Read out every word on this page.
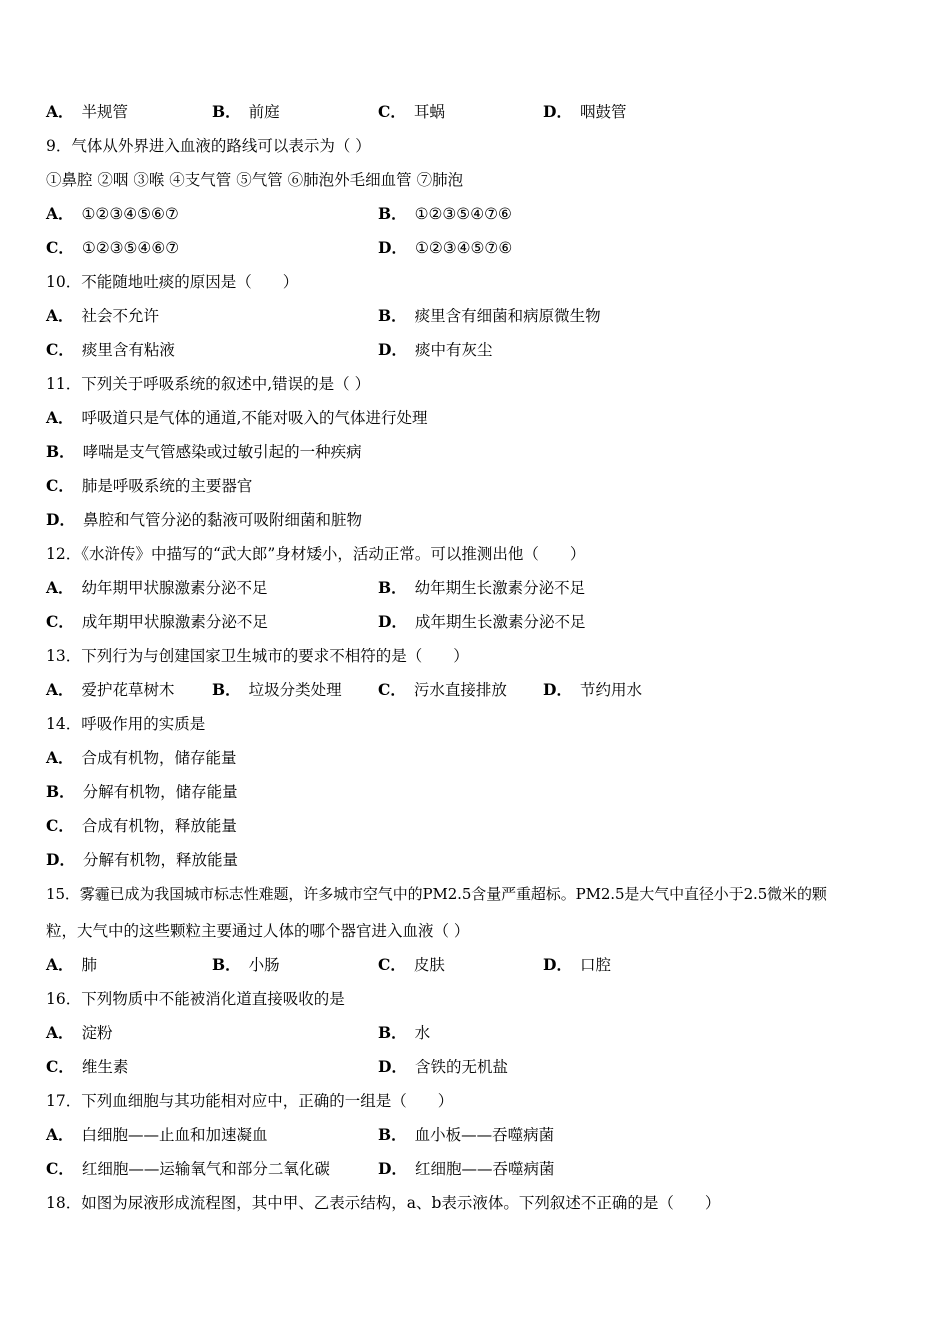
A． 半规管	B． 前庭	C． 耳蜗	D． 咽鼓管
9．气体从外界进入血液的路线可以表示为（ ）
①鼻腔 ②咽 ③喉 ④支气管 ⑤气管 ⑥肺泡外毛细血管 ⑦肺泡
A． ①②③④⑤⑥⑦	B． ①②③⑤④⑦⑥
C． ①②③⑤④⑥⑦	D． ①②③④⑤⑦⑥
10．不能随地吐痰的原因是（　　）
A． 社会不允许	B． 痰里含有细菌和病原微生物
C． 痰里含有粘液	D． 痰中有灰尘
11．下列关于呼吸系统的叙述中,错误的是（ ）
A． 呼吸道只是气体的通道,不能对吸入的气体进行处理
B． 哮喘是支气管感染或过敏引起的一种疾病
C． 肺是呼吸系统的主要器官
D． 鼻腔和气管分泌的黏液可吸附细菌和脏物
12．《水浒传》中描写的“武大郎”身材矮小，活动正常。可以推测出他（　　）
A． 幼年期甲状腺激素分泌不足	B． 幼年期生长激素分泌不足
C． 成年期甲状腺激素分泌不足	D． 成年期生长激素分泌不足
13．下列行为与创建国家卫生城市的要求不相符的是（　　）
A． 爱护花草树木 B． 垃圾分类处理 C． 污水直接排放 D． 节约用水
14．呼吸作用的实质是
A． 合成有机物，储存能量
B． 分解有机物，储存能量
C． 合成有机物，释放能量
D． 分解有机物，释放能量
15．雾霾已成为我国城市标志性难题，许多城市空气中的PM2.5含量严重超标。PM2.5是大气中直径小于2.5微米的颗
粒，大气中的这些颗粒主要通过人体的哪个器官进入血液（ ）
A． 肺	B． 小肠	C． 皮肤	D． 口腔
16．下列物质中不能被消化道直接吸收的是
A． 淀粉	B． 水
C． 维生素	D． 含铁的无机盐
17．下列血细胞与其功能相对应中，正确的一组是（　　）
A． 白细胞——止血和加速凝血	B． 血小板——吞噬病菌
C． 红细胞——运输氧气和部分二氧化碳	D． 红细胞——吞噬病菌
18．如图为尿液形成流程图，其中甲、乙表示结构，a、b表示液体。下列叙述不正确的是（　　）
